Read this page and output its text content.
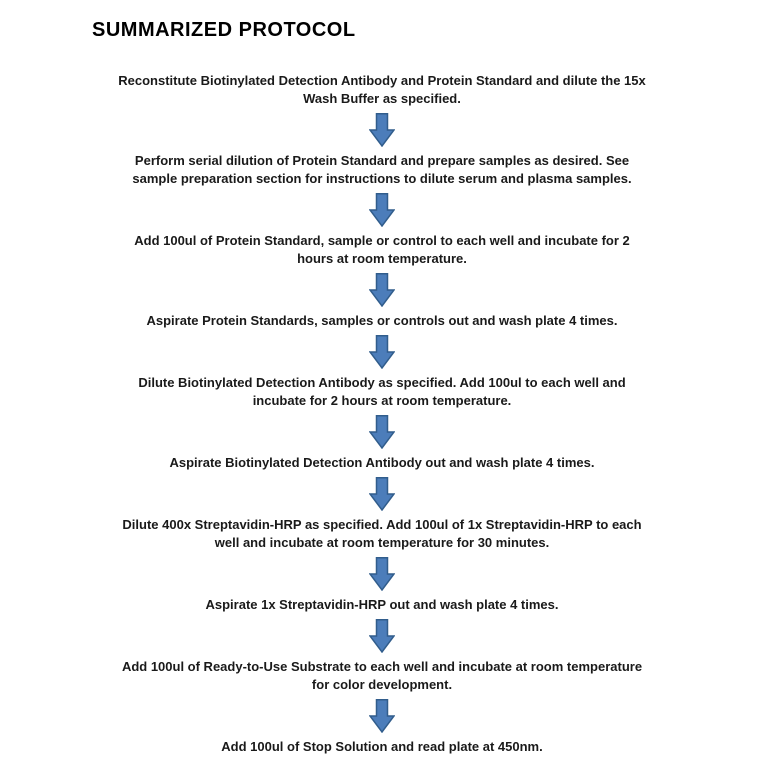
SUMMARIZED PROTOCOL
Reconstitute Biotinylated Detection Antibody and Protein Standard and dilute the 15x
Wash Buffer as specified.
Perform serial dilution of Protein Standard and prepare samples as desired. See
sample preparation section for instructions to dilute serum and plasma samples.
Add 100ul of Protein Standard, sample or control to each well and incubate for 2
hours at room temperature.
Aspirate Protein Standards, samples or controls out and wash plate 4 times.
Dilute Biotinylated Detection Antibody as specified. Add 100ul to each well and
incubate for 2 hours at room temperature.
Aspirate Biotinylated Detection Antibody out and wash plate 4 times.
Dilute 400x Streptavidin-HRP as specified. Add 100ul of 1x Streptavidin-HRP to each
well and incubate at room temperature for 30 minutes.
Aspirate 1x Streptavidin-HRP out and wash plate 4 times.
Add 100ul of Ready-to-Use Substrate to each well and incubate at room temperature
for color development.
Add 100ul of Stop Solution and read plate at 450nm.
